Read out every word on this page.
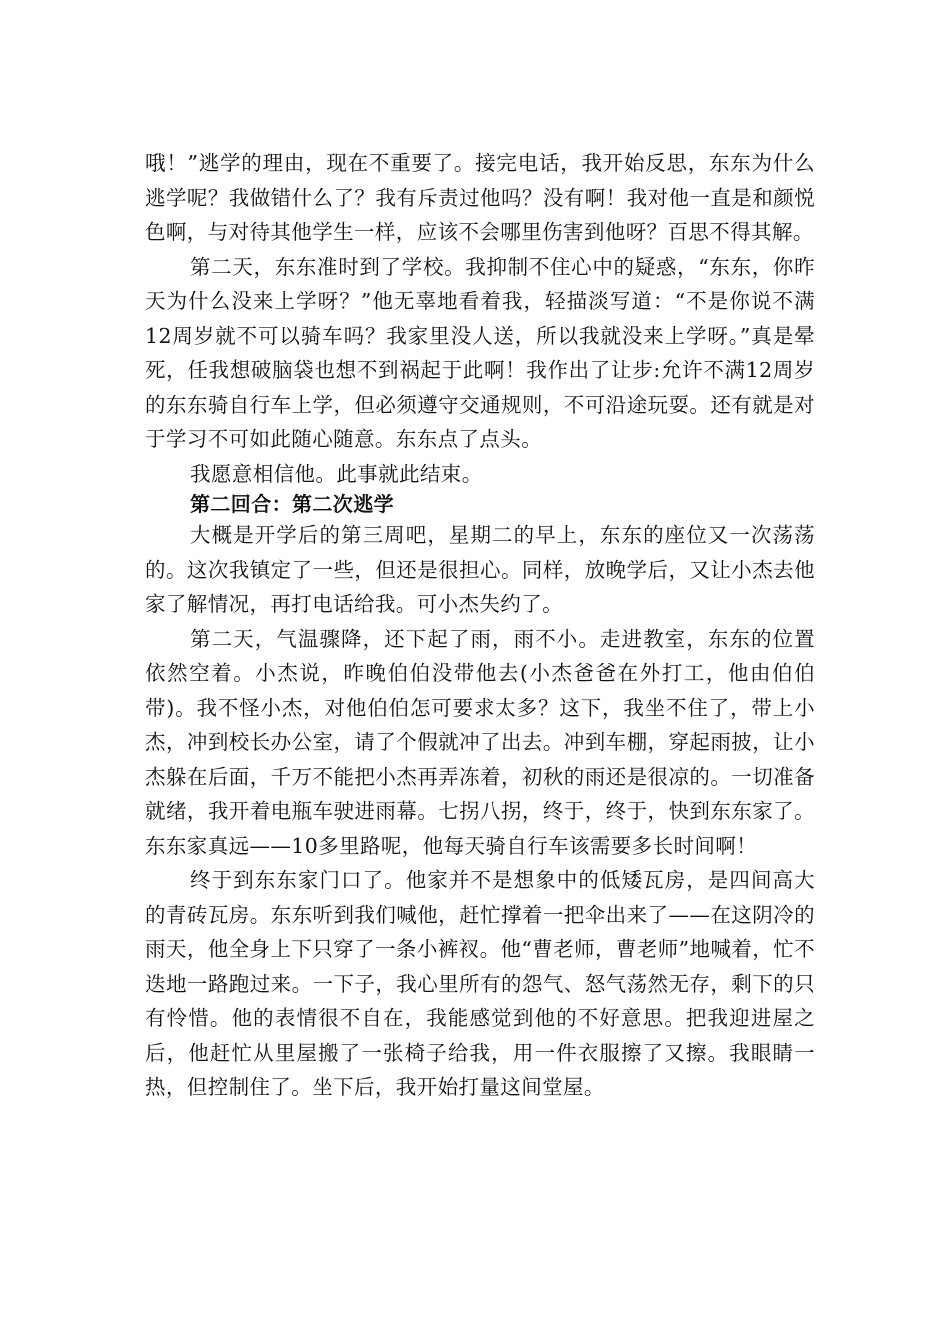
哦！”逃学的理由，现在不重要了。接完电话，我开始反思，东东为什么逃学呢？我做错什么了？我有斥责过他吗？没有啊！我对他一直是和颜悦色啊，与对待其他学生一样，应该不会哪里伤害到他呀？百思不得其解。

第二天，东东准时到了学校。我抑制不住心中的疑惑，“东东，你昨天为什么没来上学呀？”他无辜地看着我，轻描淡写道：“不是你说不满12周岁就不可以骑车吗？我家里没人送，所以我就没来上学呀。”真是晕死，任我想破脑袋也想不到祸起于此啊！我作出了让步:允许不满12周岁的东东骑自行车上学，但必须遵守交通规则，不可沿途玩耍。还有就是对于学习不可如此随心随意。东东点了点头。

我愿意相信他。此事就此结束。

第二回合：第二次逃学

大概是开学后的第三周吧，星期二的早上，东东的座位又一次荡荡的。这次我镇定了一些，但还是很担心。同样，放晚学后，又让小杰去他家了解情况，再打电话给我。可小杰失约了。

第二天，气温骤降，还下起了雨，雨不小。走进教室，东东的位置依然空着。小杰说，昨晚伯伯没带他去(小杰爸爸在外打工，他由伯伯带)。我不怪小杰，对他伯伯怎可要求太多？这下，我坐不住了，带上小杰，冲到校长办公室，请了个假就冲了出去。冲到车棚，穿起雨披，让小杰躲在后面，千万不能把小杰再弄冻着，初秋的雨还是很凉的。一切准备就绪，我开着电瓶车驶进雨幕。七拐八拐，终于，终于，快到东东家了。东东家真远——10多里路呢，他每天骑自行车该需要多长时间啊！

终于到东东家门口了。他家并不是想象中的低矮瓦房，是四间高大的青砖瓦房。东东听到我们喊他，赶忙撑着一把伞出来了——在这阴冷的雨天，他全身上下只穿了一条小裤衩。他“曹老师，曹老师”地喊着，忙不迭地一路跑过来。一下子，我心里所有的怨气、怒气荡然无存，剩下的只有怜惜。他的表情很不自在，我能感觉到他的不好意思。把我迎进屋之后，他赶忙从里屋搬了一张椅子给我，用一件衣服擦了又擦。我眼睛一热，但控制住了。坐下后，我开始打量这间堂屋。
